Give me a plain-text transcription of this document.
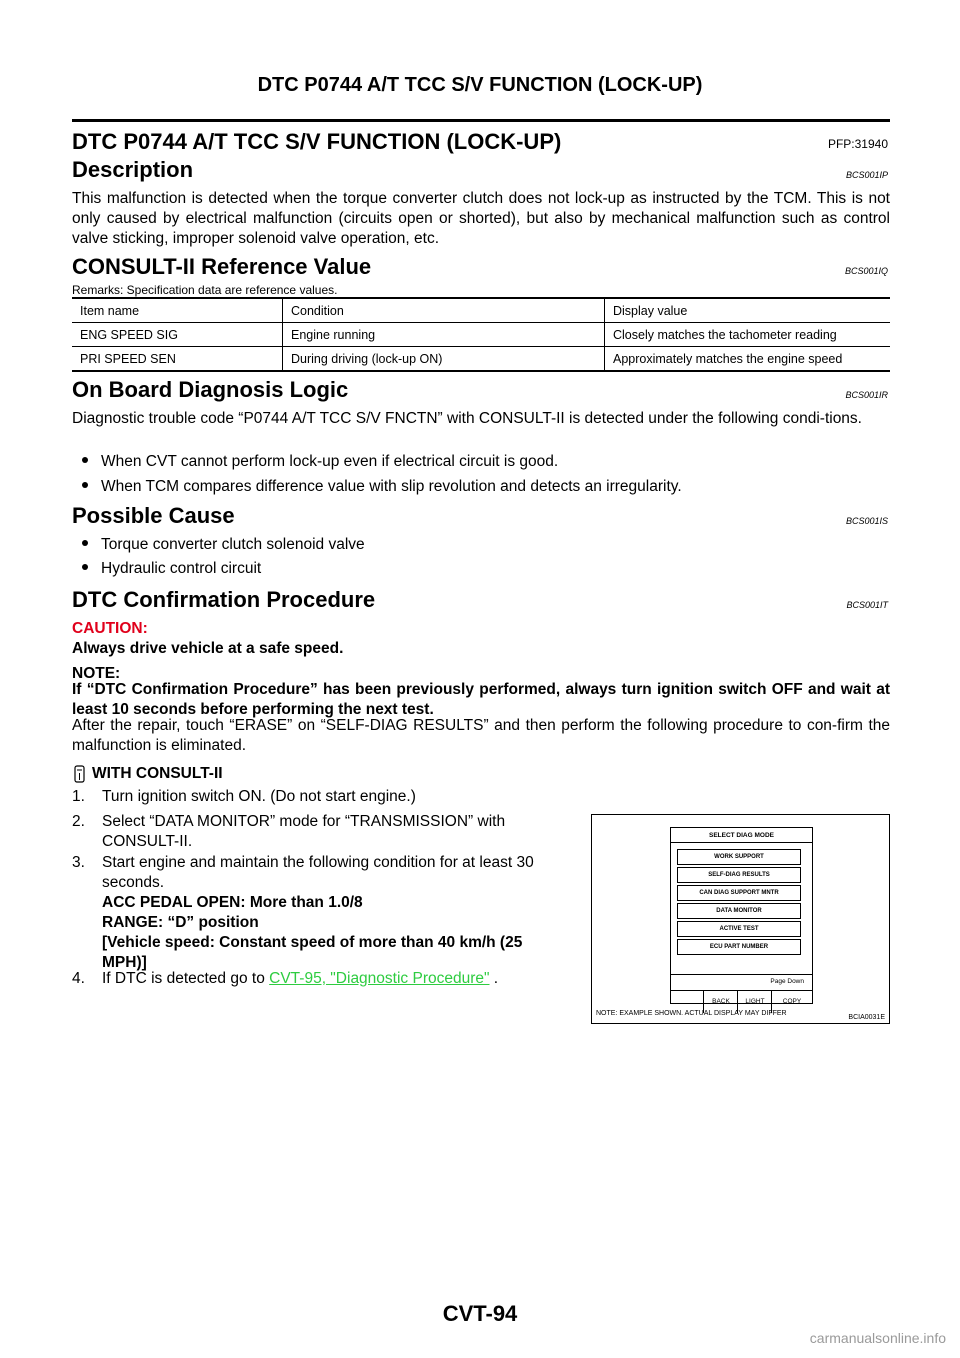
DTC P0744 A/T TCC S/V FUNCTION (LOCK-UP)
DTC P0744 A/T TCC S/V FUNCTION (LOCK-UP)	PFP:31940
Description	BCS001IP
This malfunction is detected when the torque converter clutch does not lock-up as instructed by the TCM. This is not only caused by electrical malfunction (circuits open or shorted), but also by mechanical malfunction such as control valve sticking, improper solenoid valve operation, etc.
CONSULT-II Reference Value	BCS001IQ
Remarks: Specification data are reference values.
Item name	Condition	Display value
ENG SPEED SIG	Engine running	Closely matches the tachometer reading
PRI SPEED SEN	During driving (lock-up ON)	Approximately matches the engine speed
On Board Diagnosis Logic	BCS001IR
Diagnostic trouble code “P0744 A/T TCC S/V FNCTN” with CONSULT-II is detected under the following condi-tions.
When CVT cannot perform lock-up even if electrical circuit is good.
When TCM compares difference value with slip revolution and detects an irregularity.
Possible Cause	BCS001IS
Torque converter clutch solenoid valve
Hydraulic control circuit
DTC Confirmation Procedure	BCS001IT
CAUTION:
Always drive vehicle at a safe speed.
NOTE:
If “DTC Confirmation Procedure” has been previously performed, always turn ignition switch OFF and wait at least 10 seconds before performing the next test.
After the repair, touch “ERASE” on “SELF-DIAG RESULTS” and then perform the following procedure to con-firm the malfunction is eliminated.
WITH CONSULT-II
1. Turn ignition switch ON. (Do not start engine.)
2. Select “DATA MONITOR” mode for “TRANSMISSION” with
CONSULT-II.
3. Start engine and maintain the following condition for at least 30
seconds.
ACC PEDAL OPEN: More than 1.0/8
RANGE: “D” position
[Vehicle speed: Constant speed of more than 40 km/h (25
MPH)]
4. If DTC is detected go to CVT-95, "Diagnostic Procedure" .
SELECT DIAG MODE
WORK SUPPORT
SELF-DIAG RESULTS
CAN DIAG SUPPORT MNTR
DATA MONITOR
ACTIVE TEST
ECU PART NUMBER
Page Down
BACK	LIGHT	COPY
NOTE: EXAMPLE SHOWN. ACTUAL DISPLAY MAY DIFFER
BCIA0031E
CVT-94
carmanualsonline.info
